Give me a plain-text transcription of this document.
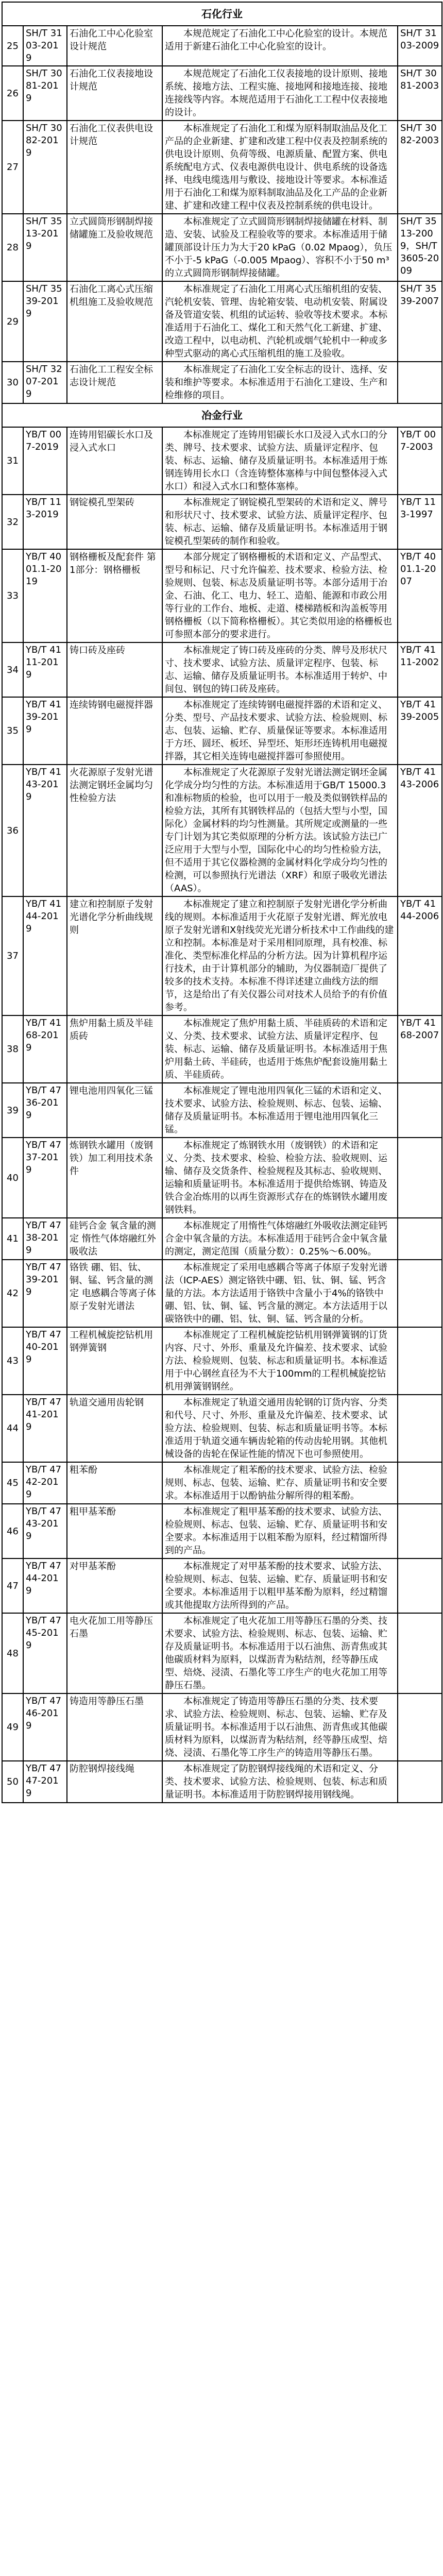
石化行业				
25	SH/T 3103-2019	石油化工中心化验室设计规范	本规范规定了石油化工中心化验室的设计。本规范适用于新建石油化工中心化验室的设计。	SH/T 3103-2009
26	SH/T 3081-2019	石油化工仪表接地设计规范	本规范规定了石油化工仪表接地的设计原则、接地系统、接地方法、工程实施、接地网和接地连接、接地连接线等内容。本规范适用于石油化工工程中仪表接地的设计。	SH/T 3081-2003
27	SH/T 3082-2019	石油化工仪表供电设计规范	本标准规定了石油化工和煤为原料制取油品及化工产品的企业新建、扩建和改建工程中仪表及控制系统的供电设计原则、负荷等级、电源质量、配置方案、供电系统配电方式、仪表电源供电设计、供电系统的设备选择、电线电缆选用与敷设、接地设计等要求。本标准适用于石油化工和煤为原料制取油品及化工产品的企业新建、扩建和改建工程中仪表及控制系统的供电设计。	SH/T 3082-2003
28	SH/T 3513-2019	立式圆筒形钢制焊接储罐施工及验收规范	本标准规定了立式圆筒形钢制焊接储罐在材料、制造、安装、试验及工程验收等的要求。本标准适用于储罐顶部设计压力为大于20 kPaG（0.02 Mpaog），负压不小于-5 kPaG（-0.005 Mpaog）、容积不小于50 m³的立式圆筒形钢制焊接储罐。	SH/T 3513-2009，SH/T 3605-2009
29	SH/T 3539-2019	石油化工离心式压缩机组施工及验收规范	本标准规定了石油化工用离心式压缩机组的安装、汽轮机安装、管理、齿轮箱安装、电动机安装、附属设备及管道安装、机组的试运转、验收等技术要求。本标准适用于石油化工、煤化工和天然气化工新建、扩建、改造工程中，以电动机、汽轮机或烟气轮机中一种或多种型式驱动的离心式压缩机组的施工及验收。	SH/T 3539-2007
30	SH/T 3207-2019	石油化工工程安全标志设计规范	本标准规定了石油化工安全标志的设计、选择、安装和维护等要求。本标准适用于石油化工建设、生产和检维修的项目。	
冶金行业				
31	YB/T 007-2019	连铸用铝碳长水口及浸入式水口	本标准规定了连铸用铝碳长水口及浸入式水口的分类、牌号、技术要求、试验方法、质量评定程序、包装、标志、运输、储存及质量证明书。本标准适用于炼钢连铸用长水口（含连铸整体塞棒与中间包整体浸入式水口）和浸入式水口和整体塞棒。	YB/T 007-2003
32	YB/T 113-2019	钢锭模孔型架砖	本标准规定了钢锭模孔型架砖的术语和定义、牌号和形状尺寸、技术要求、试验方法、质量评定程序、包装、标志、运输、储存及质量证明书。本标准适用于钢锭模孔型架砖的制作和验收。	YB/T 113-1997
33	YB/T 4001.1-2019	钢格栅板及配套件 第1部分：钢格栅板	本部分规定了钢格栅板的术语和定义、产品型式、型号和标记、尺寸允许偏差、技术要求、检验方法、检验规则、包装、标志及质量证明书等。本部分适用于冶金、石油、化工、电力、轻工、造船、能源和市政公用等行业的工作台、地板、走道、楼梯踏板和沟盖板等用钢格栅板（以下简称格栅板）。其它类似用途的格栅板也可参照本部分的要求进行。	YB/T 4001.1-2007
34	YB/T 4111-2019	铸口砖及座砖	本标准规定了铸口砖及座砖的分类、牌号及形状尺寸、技术要求、试验方法、质量评定程序、包装、标志、运输、储存及质量证明书。本标准适用于转炉、中间包、钢包的铸口砖及座砖。	YB/T 4111-2002
35	YB/T 4139-2019	连续铸钢电磁搅拌器	本标准规定了连续铸钢电磁搅拌器的术语和定义、分类、型号、产品技术要求、试验方法、检验规则、标志、包装、运输、贮存、质量保证等要求。本标准适用于方坯、圆坯、板坯、异型坯、矩形坯连铸机用电磁搅拌器，其它相关连铸电磁搅拌器可参照使用。	YB/T 4139-2005
36	YB/T 4143-2019	火花源原子发射光谱法测定钢坯金属均匀性检验方法	本标准规定了火花源原子发射光谱法测定钢坯金属化学成分均匀性的方法。本标准适用于GB/T 15000.3和准标物质的检验，也可以用于一般及类似钢铁样品的检验方法，其所有其钢铁样品的（包括大型与小型，国际化）金属材料的均匀性测量。其所规定或测量的一些专门计划为其它类似原理的分析方法。该试验方法已广泛应用于大型与小型，国际化中心的均匀性检验方法，但不适用于其它仪器检测的金属材料化学成分均匀性的检测，可以参照执行光谱法（XRF）和原子吸收光谱法（AAS）。	YB/T 4143-2006
37	YB/T 4144-2019	建立和控制原子发射光谱化学分析曲线规则	本标准规定了建立和控制原子发射光谱化学分析曲线的规则。本标准适用于火花原子发射光谱、辉光放电原子发射光谱和X射线荧光光谱分析技术中工作曲线的建立和控制。本标准是对于采用相同原理，具有校准、标准化、类型标准化样品的分析方法。因为计算机程序运行技术，由于计算机部分的辅助，为仪器制造厂提供了较多的技术支持。本标准不得详述建立曲线方法的细节，这是给出了有关仪器公司对技术人员给予的有价值参考。	YB/T 4144-2006
38	YB/T 4168-2019	焦炉用黏土质及半硅质砖	本标准规定了焦炉用黏土质、半硅质砖的术语和定义、分类、技术要求、试验方法、质量评定程序、包装、标志、运输、储存及质量证明书。本标准适用于焦炉用黏土砖、半硅砖，也适用于炼焦炉配套设施用黏土质、半硅质砖。	YB/T 4168-2007
39	YB/T 4736-2019	锂电池用四氧化三锰	本标准规定了锂电池用四氧化三锰的术语和定义、技术要求、试验方法、检验规则、标志、包装、运输、储存及质量证明书。本标准适用于锂电池用四氧化三锰。	
40	YB/T 4737-2019	炼钢铁水罐用（废钢铁）加工利用技术条件	本标准规定了炼钢铁水用（废钢铁）的术语和定义、分类、技术要求、检验、检验方法、验收规则、运输、储存及交货条件、检验规程及其标志、验收规则、运输和质量证明书。本标准适用于提供给炼钢、铸造及铁合金冶炼用的以再生资源形式存在的炼钢铁水罐用废钢铁料。	
41	YB/T 4738-2019	硅钙合金 氧含量的测定 惰性气体熔融红外吸收法	本标准规定了用惰性气体熔融红外吸收法测定硅钙合金中氧含量的方法。本标准适用于硅钙合金中氧含量的测定，测定范围（质量分数）：0.25%～6.00%。	
42	YB/T 4739-2019	铬铁 硼、铝、钛、铜、锰、钙含量的测定 电感耦合等离子体原子发射光谱法	本标准规定了采用电感耦合等离子体原子发射光谱法（ICP-AES）测定铬铁中硼、铝、钛、铜、锰、钙含量的方法。本方法适用于铬铁中含量小于4%的铬铁中硼、铝、钛、铜、锰、钙含量的测定。本方法适用于以碳铬铁中的硼、铝、钛、铜、锰、钙含量的分析。	
43	YB/T 4740-2019	工程机械旋挖钻机用钢弹簧钢	本标准规定了工程机械旋挖钻机用钢弹簧钢的订货内容、尺寸、外形、重量及允许偏差、技术要求、试验方法、检验规则、包装、标志和质量证明书。本标准适用于中心钢丝直径为不大于100mm的工程机械旋挖钻机用弹簧钢钢丝。	
44	YB/T 4741-2019	轨道交通用齿轮钢	本标准规定了轨道交通用齿轮钢的订货内容、分类和代号、尺寸、外形、重量及允许偏差、技术要求、试验方法、检验规则、包装、标志和质量证明书等。本标准适用于轨道交通车辆齿轮箱的传动齿轮用钢。其他机械设备的齿轮在保证性能的情况下也可参照使用。	
45	YB/T 4742-2019	粗苯酚	本标准规定了粗苯酚的技术要求、试验方法、检验规则、标志、包装、运输、贮存、质量证明书和安全要求。本标准适用于以酚钠盐分解所得的粗苯酚。	
46	YB/T 4743-2019	粗甲基苯酚	本标准规定了粗甲基苯酚的技术要求、试验方法、检验规则、标志、包装、运输、贮存、质量证明书和安全要求。本标准适用于以粗苯酚为原料，经过精馏所得到的产品。	
47	YB/T 4744-2019	对甲基苯酚	本标准规定了对甲基苯酚的技术要求、试验方法、检验规则、标志、包装、运输、贮存、质量证明书和安全要求。本标准适用于以粗甲基苯酚为原料，经过精馏或其他提取方法所得到的产品。	
48	YB/T 4745-2019	电火花加工用等静压石墨	本标准规定了电火花加工用等静压石墨的分类、技术要求、试验方法、检验规则、标志、包装、运输、贮存及质量证明书。本标准适用于以石油焦、沥青焦或其他碳质材料为原料，以煤沥青为粘结剂，经等静压成型、焙烧、浸渍、石墨化等工序生产的电火花加工用等静压石墨。	
49	YB/T 4746-2019	铸造用等静压石墨	本标准规定了铸造用等静压石墨的分类、技术要求、试验方法、检验规则、标志、包装、运输、贮存及质量证明书。本标准适用于以石油焦、沥青焦或其他碳质材料为原料，以煤沥青为粘结剂，经等静压成型、焙烧、浸渍、石墨化等工序生产的铸造用等静压石墨。	
50	YB/T 4747-2019	防腔钢焊接线绳	本标准规定了防腔钢焊接线绳的术语和定义、分类、技术要求、试验方法、检验规则、包装、标志和质量证明书。本标准适用于防腔钢焊接用钢线绳。	
